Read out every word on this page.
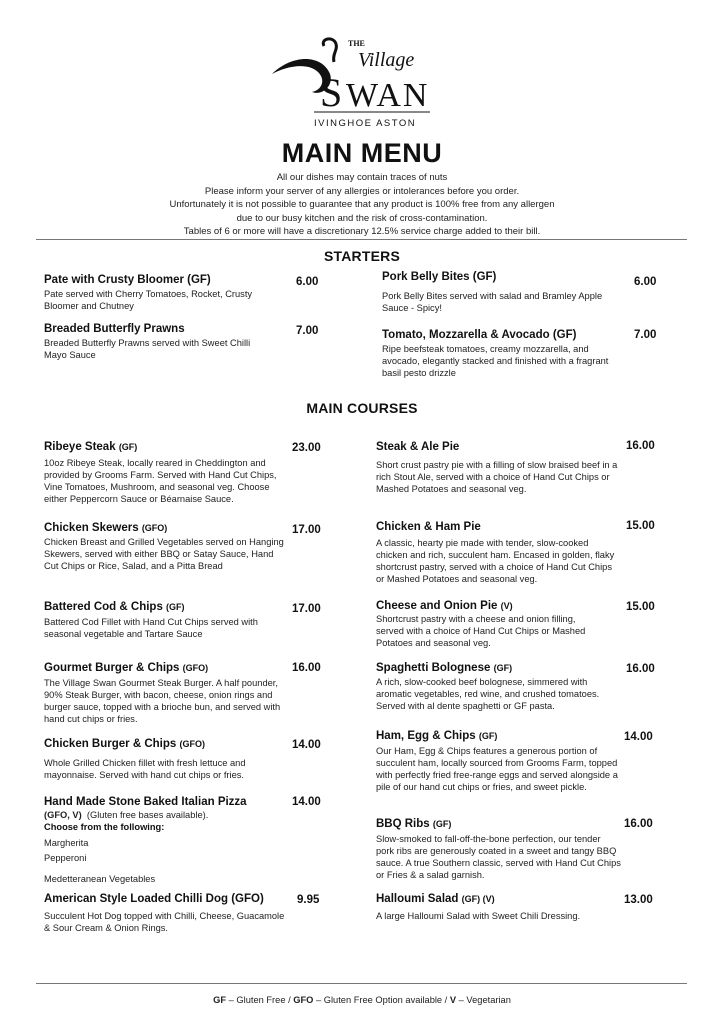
THE
Village
S WAN
IVINGHOE ASTON
MAIN MENU
All our dishes may contain traces of nuts
Please inform your server of any allergies or intolerances before you order.
Unfortunately it is not possible to guarantee that any product is 100% free from any allergen
due to our busy kitchen and the risk of cross-contamination.
Tables of 6 or more will have a discretionary 12.5% service charge added to their bill.
STARTERS
Pate with Crusty Bloomer (GF)
Pate served with Cherry Tomatoes, Rocket, Crusty Bloomer and Chutney
6.00
Breaded Butterfly Prawns
Breaded Butterfly Prawns served with Sweet Chilli Mayo Sauce
7.00
Pork Belly Bites (GF)
Pork Belly Bites served with salad and Bramley Apple Sauce - Spicy!
6.00
Tomato, Mozzarella & Avocado (GF)
Ripe beefsteak tomatoes, creamy mozzarella, and avocado, elegantly stacked and finished with a fragrant basil pesto drizzle
7.00
MAIN COURSES
Ribeye Steak (GF)
10oz Ribeye Steak, locally reared in Cheddington and provided by Grooms Farm. Served with Hand Cut Chips, Vine Tomatoes, Mushroom, and seasonal veg. Choose either Peppercorn Sauce or Béarnaise Sauce.
23.00
Chicken Skewers (GFO)
Chicken Breast and Grilled Vegetables served on Hanging Skewers, served with either BBQ or Satay Sauce, Hand Cut Chips or Rice, Salad, and a Pitta Bread
17.00
Battered Cod & Chips (GF)
Battered Cod Fillet with Hand Cut Chips served with seasonal vegetable and Tartare Sauce
17.00
Gourmet Burger & Chips (GFO)
The Village Swan Gourmet Steak Burger. A half pounder, 90% Steak Burger, with bacon, cheese, onion rings and burger sauce, topped with a brioche bun, and served with hand cut chips or fries.
16.00
Chicken Burger & Chips (GFO)
Whole Grilled Chicken fillet with fresh lettuce and mayonnaise. Served with hand cut chips or fries.
14.00
Hand Made Stone Baked Italian Pizza
(GFO, V) (Gluten free bases available).
Choose from the following:
Margherita
Pepperoni
Medetteranean Vegetables
14.00
American Style Loaded Chilli Dog (GFO)
Succulent Hot Dog topped with Chilli, Cheese, Guacamole & Sour Cream & Onion Rings.
9.95
Steak & Ale Pie
Short crust pastry pie with a filling of slow braised beef in a rich Stout Ale, served with a choice of Hand Cut Chips or Mashed Potatoes and seasonal veg.
16.00
Chicken & Ham Pie
A classic, hearty pie made with tender, slow-cooked chicken and rich, succulent ham. Encased in golden, flaky shortcrust pastry, served with a choice of Hand Cut Chips or Mashed Potatoes and seasonal veg.
15.00
Cheese and Onion Pie (V)
Shortcrust pastry with a cheese and onion filling, served with a choice of Hand Cut Chips or Mashed Potatoes and seasonal veg.
15.00
Spaghetti Bolognese (GF)
A rich, slow-cooked beef bolognese, simmered with aromatic vegetables, red wine, and crushed tomatoes. Served with al dente spaghetti or GF pasta.
16.00
Ham, Egg & Chips (GF)
Our Ham, Egg & Chips features a generous portion of succulent ham, locally sourced from Grooms Farm, topped with perfectly fried free-range eggs and served alongside a pile of our hand cut chips or fries, and sweet pickle.
14.00
BBQ Ribs (GF)
Slow-smoked to fall-off-the-bone perfection, our tender pork ribs are generously coated in a sweet and tangy BBQ sauce. A true Southern classic, served with Hand Cut Chips or Fries & a salad garnish.
16.00
Halloumi Salad (GF) (V)
A large Halloumi Salad with Sweet Chili Dressing.
13.00
GF – Gluten Free / GFO – Gluten Free Option available / V – Vegetarian
